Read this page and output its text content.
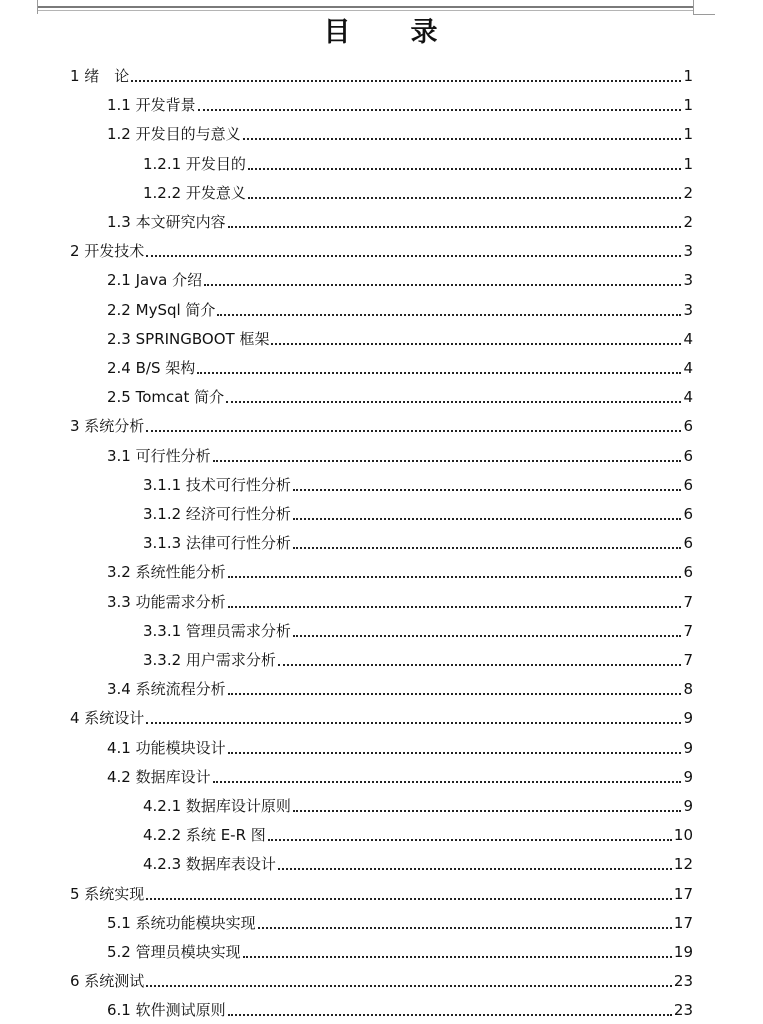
目　　录
1 绪　论	1
1.1 开发背景	1
1.2 开发目的与意义	1
1.2.1 开发目的	1
1.2.2 开发意义	2
1.3 本文研究内容	2
2 开发技术	3
2.1 Java 介绍	3
2.2 MySql 简介	3
2.3 SPRINGBOOT 框架	4
2.4 B/S 架构	4
2.5 Tomcat 简介	4
3 系统分析	6
3.1 可行性分析	6
3.1.1 技术可行性分析	6
3.1.2 经济可行性分析	6
3.1.3 法律可行性分析	6
3.2 系统性能分析	6
3.3 功能需求分析	7
3.3.1 管理员需求分析	7
3.3.2 用户需求分析	7
3.4 系统流程分析	8
4 系统设计	9
4.1 功能模块设计	9
4.2 数据库设计	9
4.2.1 数据库设计原则	9
4.2.2 系统 E-R 图	10
4.2.3 数据库表设计	12
5 系统实现	17
5.1 系统功能模块实现	17
5.2 管理员模块实现	19
6 系统测试	23
6.1 软件测试原则	23
